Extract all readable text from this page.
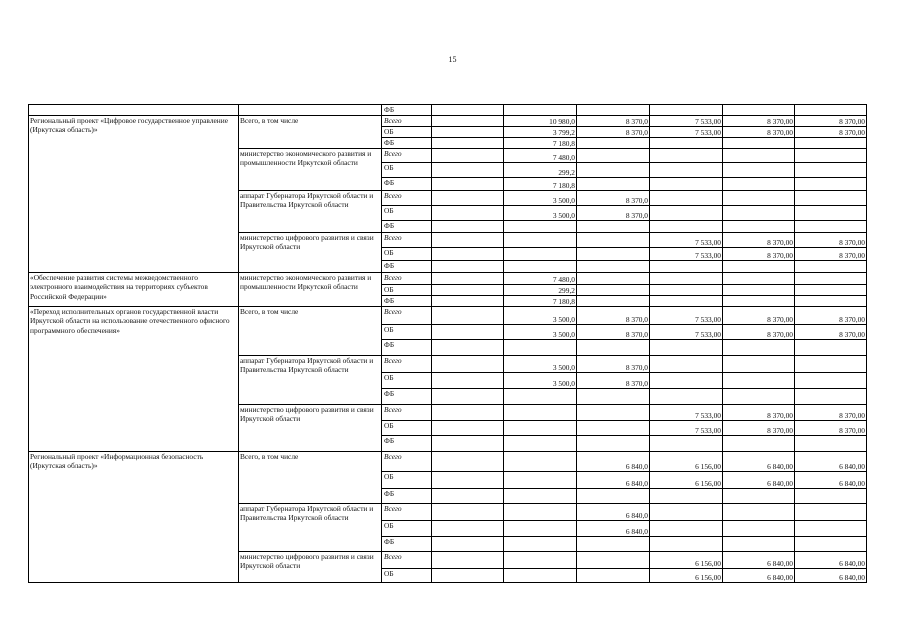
15
		ФБ							
Региональный проект «Цифровое государственное управление (Иркутская область)»	Всего, в том числе	Всего		10 980,0	8 370,0	7 533,00	8 370,00	8 370,00	
		ОБ		3 799,2	8 370,0	7 533,00	8 370,00	8 370,00	
		ФБ		7 180,8					
	министерство экономического развития и промышленности Иркутской области	Всего		7 480,0					
		ОБ		299,2					
		ФБ		7 180,8					
	аппарат Губернатора Иркутской области и Правительства Иркутской области	Всего		3 500,0	8 370,0				
		ОБ		3 500,0	8 370,0				
		ФБ							
	министерство цифрового развития и связи Иркутской области	Всего				7 533,00	8 370,00	8 370,00	
		ОБ				7 533,00	8 370,00	8 370,00	
		ФБ							
«Обеспечение развития системы межведомственного электронного взаимодействия на территориях субъектов Российской Федерации»	министерство экономического развития и промышленности Иркутской области	Всего		7 480,0					
		ОБ		299,2					
		ФБ		7 180,8					
«Переход исполнительных органов государственной власти Иркутской области на использование отечественного офисного программного обеспечения»	Всего, в том числе	Всего		3 500,0	8 370,0	7 533,00	8 370,00	8 370,00	
		ОБ		3 500,0	8 370,0	7 533,00	8 370,00	8 370,00	
		ФБ							
	аппарат Губернатора Иркутской области и Правительства Иркутской области	Всего		3 500,0	8 370,0				
		ОБ		3 500,0	8 370,0				
		ФБ							
	министерство цифрового развития и связи Иркутской области	Всего				7 533,00	8 370,00	8 370,00	
		ОБ				7 533,00	8 370,00	8 370,00	
		ФБ							
Региональный проект «Информационная безопасность (Иркутская область)»	Всего, в том числе	Всего			6 840,0	6 156,00	6 840,00	6 840,00	
		ОБ			6 840,0	6 156,00	6 840,00	6 840,00	
		ФБ							
	аппарат Губернатора Иркутской области и Правительства Иркутской области	Всего			6 840,0				
		ОБ			6 840,0				
		ФБ							
	министерство цифрового развития и связи Иркутской области	Всего				6 156,00	6 840,00	6 840,00	
		ОБ				6 156,00	6 840,00	6 840,00	
